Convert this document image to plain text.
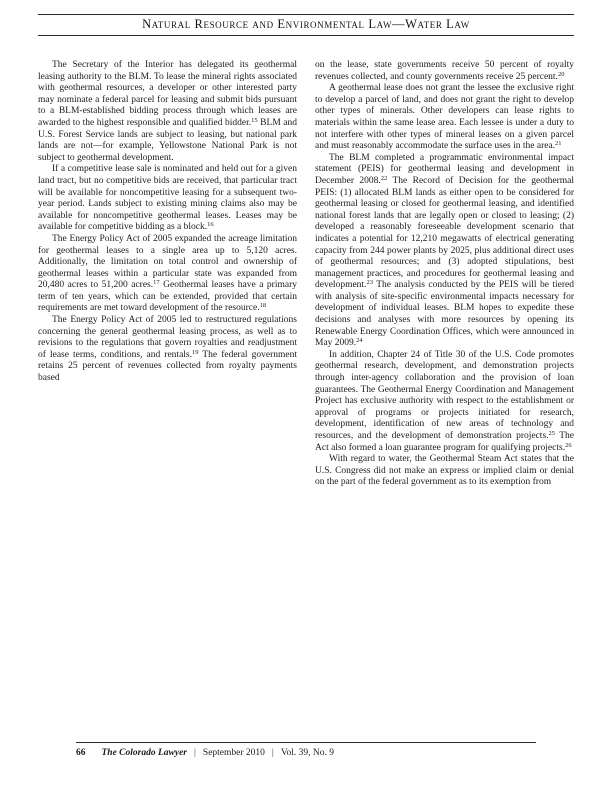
Natural Resource and Environmental Law—Water Law

The Secretary of the Interior has delegated its geothermal leasing authority to the BLM. To lease the mineral rights associated with geothermal resources, a developer or other interested party may nominate a federal parcel for leasing and submit bids pursuant to a BLM-established bidding process through which leases are awarded to the highest responsible and qualified bidder.$^{15}$ BLM and U.S. Forest Service lands are subject to leasing, but national park lands are not—for example, Yellowstone National Park is not subject to geothermal development.

If a competitive lease sale is nominated and held out for a given land tract, but no competitive bids are received, that particular tract will be available for noncompetitive leasing for a subsequent two-year period. Lands subject to existing mining claims also may be available for noncompetitive geothermal leases. Leases may be available for competitive bidding as a block.$^{16}$

The Energy Policy Act of 2005 expanded the acreage limitation for geothermal leases to a single area up to 5,120 acres. Additionally, the limitation on total control and ownership of geothermal leases within a particular state was expanded from 20,480 acres to 51,200 acres.$^{17}$ Geothermal leases have a primary term of ten years, which can be extended, provided that certain requirements are met toward development of the resource.$^{18}$

The Energy Policy Act of 2005 led to restructured regulations concerning the general geothermal leasing process, as well as to revisions to the regulations that govern royalties and readjustment of lease terms, conditions, and rentals.$^{19}$ The federal government retains 25 percent of revenues collected from royalty payments based

on the lease, state governments receive 50 percent of royalty revenues collected, and county governments receive 25 percent.$^{20}$

A geothermal lease does not grant the lessee the exclusive right to develop a parcel of land, and does not grant the right to develop other types of minerals. Other developers can lease rights to materials within the same lease area. Each lessee is under a duty to not interfere with other types of mineral leases on a given parcel and must reasonably accommodate the surface uses in the area.$^{21}$

The BLM completed a programmatic environmental impact statement (PEIS) for geothermal leasing and development in December 2008.22 The Record of Decision for the geothermal PEIS: (1) allocated BLM lands as either open to be considered for geothermal leasing or closed for geothermal leasing, and identified national forest lands that are legally open or closed to leasing; (2) developed a reasonably foreseeable development scenario that indicates a potential for 12,210 megawatts of electrical generating capacity from 244 power plants by 2025, plus additional direct uses of geothermal resources; and (3) adopted stipulations, best management practices, and procedures for geothermal leasing and development.$^{23}$ The analysis conducted by the PEIS will be tiered with analysis of site-specific environmental impacts necessary for development of individual leases. BLM hopes to expedite these decisions and analyses with more resources by opening its Renewable Energy Coordination Offices, which were announced in May 2009.24

In addition, Chapter 24 of Title 30 of the U.S. Code promotes geothermal research, development, and demonstration projects through inter-agency collaboration and the provision of loan guarantees. The Geothermal Energy Coordination and Management Project has exclusive authority with respect to the establishment or approval of programs or projects initiated for research, development, identification of new areas of technology and resources, and the development of demonstration projects.$^{25}$ The Act also formed a loan guarantee program for qualifying projects.$^{26}$

With regard to water, the Geothermal Steam Act states that the U.S. Congress did not make an express or implied claim or denial on the part of the federal government as to its exemption from

66 The Colorado Lawyer | September 2010 | Vol. 39, No. 9
